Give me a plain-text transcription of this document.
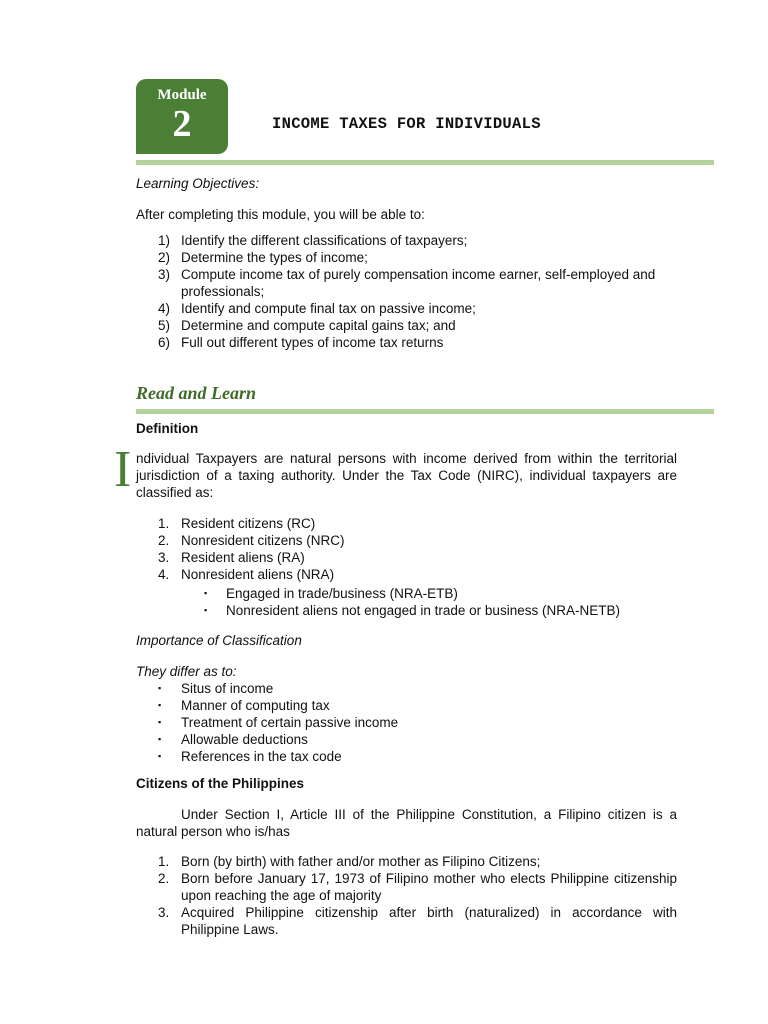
Module
2	INCOME TAXES FOR INDIVIDUALS
Learning Objectives:
After completing this module, you will be able to:
1) Identify the different classifications of taxpayers;
2) Determine the types of income;
3) Compute income tax of purely compensation income earner, self-employed and professionals;
4) Identify and compute final tax on passive income;
5) Determine and compute capital gains tax; and
6) Full out different types of income tax returns
Read and Learn
Definition
I ndividual Taxpayers are natural persons with income derived from within the territorial jurisdiction of a taxing authority. Under the Tax Code (NIRC), individual taxpayers are classified as:
1. Resident citizens (RC)
2. Nonresident citizens (NRC)
3. Resident aliens (RA)
4. Nonresident aliens (NRA)
▪ Engaged in trade/business (NRA-ETB)
▪ Nonresident aliens not engaged in trade or business (NRA-NETB)
Importance of Classification
They differ as to:
▪ Situs of income
▪ Manner of computing tax
▪ Treatment of certain passive income
▪ Allowable deductions
▪ References in the tax code
Citizens of the Philippines
Under Section I, Article III of the Philippine Constitution, a Filipino citizen is a natural person who is/has
1. Born (by birth) with father and/or mother as Filipino Citizens;
2. Born before January 17, 1973 of Filipino mother who elects Philippine citizenship upon reaching the age of majority
3. Acquired Philippine citizenship after birth (naturalized) in accordance with Philippine Laws.
